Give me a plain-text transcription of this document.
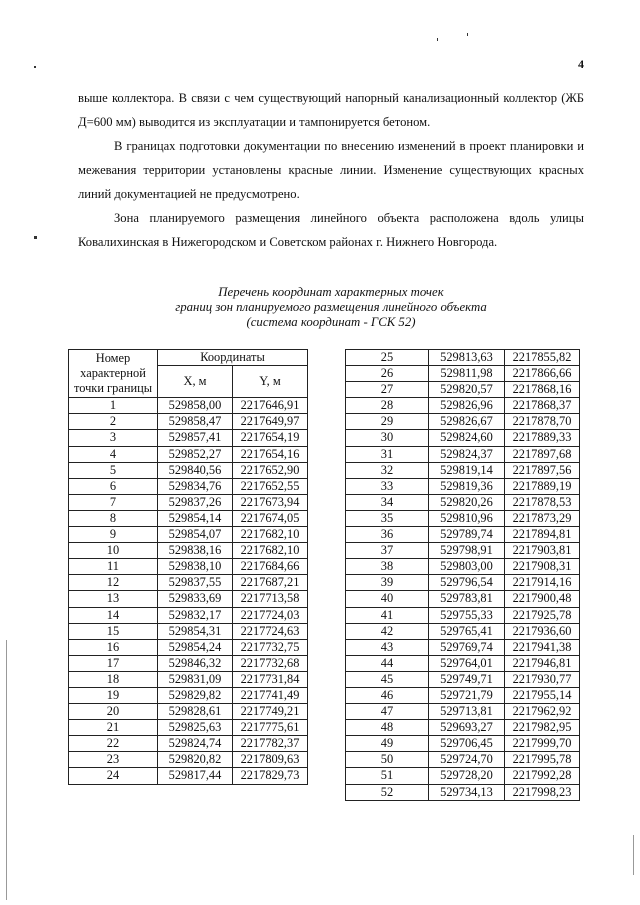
4

выше коллектора. В связи с чем существующий напорный канализационный коллектор (ЖБ Д=600 мм) выводится из эксплуатации и тампонируется бетоном.

В границах подготовки документации по внесению изменений в проект планировки и межевания территории установлены красные линии. Изменение существующих красных линий документацией не предусмотрено.

Зона планируемого размещения линейного объекта расположена вдоль улицы Ковалихинская в Нижегородском и Советском районах г. Нижнего Новгорода.

Перечень координат характерных точек
границ зон планируемого размещения линейного объекта
(система координат - ГСК 52)
Номер характерной точки границы	Координаты	
	Х, м	Y, м
1	529858,00	2217646,91
2	529858,47	2217649,97
3	529857,41	2217654,19
4	529852,27	2217654,16
5	529840,56	2217652,90
6	529834,76	2217652,55
7	529837,26	2217673,94
8	529854,14	2217674,05
9	529854,07	2217682,10
10	529838,16	2217682,10
11	529838,10	2217684,66
12	529837,55	2217687,21
13	529833,69	2217713,58
14	529832,17	2217724,03
15	529854,31	2217724,63
16	529854,24	2217732,75
17	529846,32	2217732,68
18	529831,09	2217731,84
19	529829,82	2217741,49
20	529828,61	2217749,21
21	529825,63	2217775,61
22	529824,74	2217782,37
23	529820,82	2217809,63
24	529817,44	2217829,73
25	529813,63	2217855,82
26	529811,98	2217866,66
27	529820,57	2217868,16
28	529826,96	2217868,37
29	529826,67	2217878,70
30	529824,60	2217889,33
31	529824,37	2217897,68
32	529819,14	2217897,56
33	529819,36	2217889,19
34	529820,26	2217878,53
35	529810,96	2217873,29
36	529789,74	2217894,81
37	529798,91	2217903,81
38	529803,00	2217908,31
39	529796,54	2217914,16
40	529783,81	2217900,48
41	529755,33	2217925,78
42	529765,41	2217936,60
43	529769,74	2217941,38
44	529764,01	2217946,81
45	529749,71	2217930,77
46	529721,79	2217955,14
47	529713,81	2217962,92
48	529693,27	2217982,95
49	529706,45	2217999,70
50	529724,70	2217995,78
51	529728,20	2217992,28
52	529734,13	2217998,23
